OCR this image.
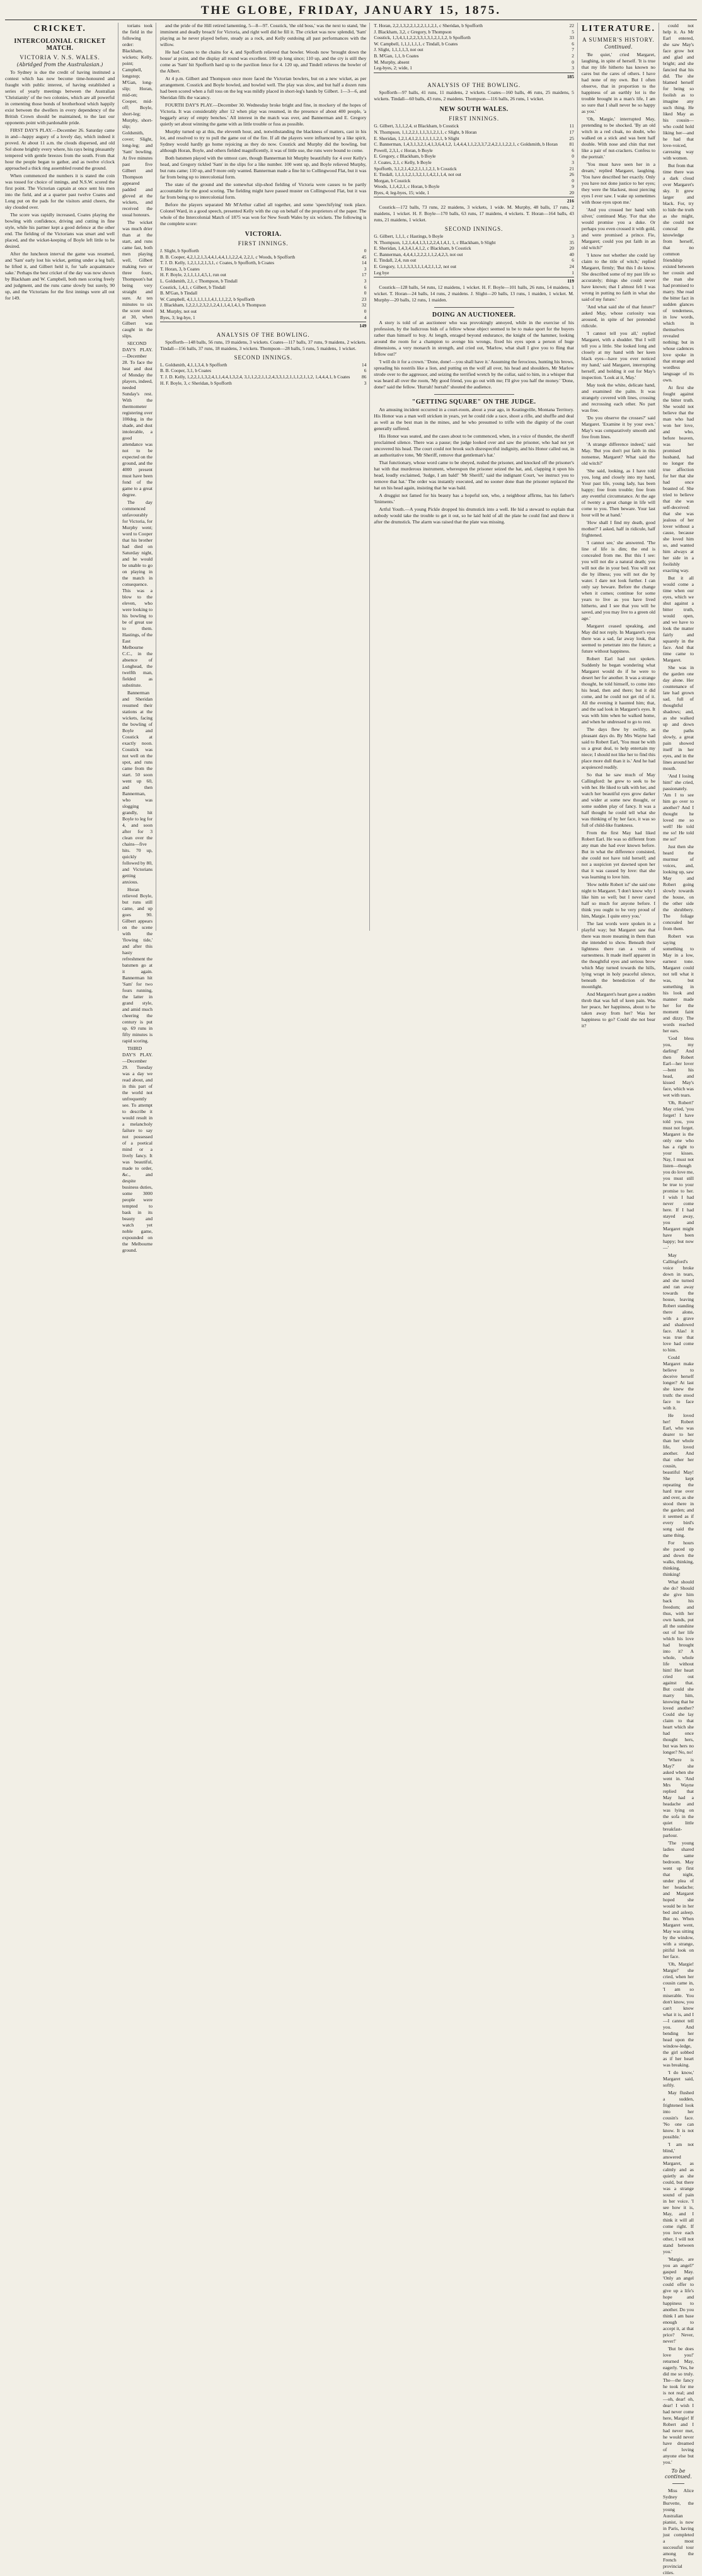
THE GLOBE, FRIDAY, JANUARY 15, 1875.
CRICKET.
INTERCOLONIAL CRICKET MATCH.
VICTORIA V. N.S. WALES.
(Abridged from the Australasian.)

To Sydney is due the credit of having instituted a contest which has now become time-honoured and fraught with public interest, of having established a series of yearly meetings between the Australian 'Christianity' of the two colonies, which are all powerful in cementing those bonds of brotherhood which happily exist between the dwellers in every dependency of the British Crown should be maintained, to the last our opponents point with pardonable pride.

FIRST DAY'S PLAY.—December 26. Saturday came in and—happy augury of a lovely day, which indeed it proved. At about 11 a.m. the clouds dispersed, and old Sol shone brightly every where, his rays being pleasantly tempered with gentle breezes from the south. From that hour the people began to gather, and as twelve o'clock approached a thick ring assembled round the ground.

When commenced the numbers it is stated the coin was tossed for choice of innings, and N.S.W. scored the first point. The Victorian captain at once sent his men into the field, and at a quarter past twelve Coates and Long put on the pads for the visitors amid cheers, the sky clouded over.

The score was rapidly increased, Coates playing the bowling with confidence, driving and cutting in fine style, while his partner kept a good defence at the other end. The fielding of the Victorians was smart and well placed, and the wicket-keeping of Boyle left little to be desired.

After the luncheon interval the game was resumed, and 'Sam' early lost his wicket, getting under a leg ball, he lifted it, and Gilbert held it, for 'safe acquaintance sake.' Perhaps the best cricket of the day was now shown by Blackham and W. Campbell, both men scoring freely and judgment, and the runs came slowly but surely, 90 up, and the Victorians for the first innings were all out for 149.

torians took the field in the following order: Blackham, wickets; Kelly, point; Campbell, longstop; M'Gan, long-slip; Horan, mid-on; Cooper, mid-off; Boyle, short-leg; Murphy, short-slip; Goldsmith, cover; Slight, long-leg; and 'Sam' bowling. At five minutes past five Gilbert and Thompson appeared padded and gloved at the wickets, and received the usual honours.

The wicket was much drier than at the start, and runs came fast, both men playing well, Gilbert making two or three fours, Thompson's bat being very straight and sure. At ten minutes to six the score stood at 30, when Gilbert was caught in the slips.

SECOND DAY'S PLAY.—December 28. To face the heat and dust of Monday the players, indeed, needed Sunday's rest. With the thermometer registering over 100deg. in the shade, and dust intolerable, a good attendance was not to be expected on the ground, and the 4000 present must have been fond of the game to a great degree.

The day commenced unfavourably for Victoria, for Murphy went; word to Cooper that his brother had died on Saturday night, and he would be unable to go on playing in the match in consequence. This was a blow to the eleven, who were looking to his bowling to be of great use to them. Hastings, of the East Melbourne C.C., in the absence of Longhead, the twelfth man, fielded as substitute.

Bannerman and Sheridan resumed their stations at the wickets, facing the bowling of Boyle and Cosstick at exactly noon. Cosstick was not well on the spot, and runs came from the start. 50 soon went up 60, and then Bannerman, who was slogging grandly, hit Boyle to leg for 4, and soon after for 3 clean over the chains—five hits. 70 up, quickly followed by 80, and Victorians getting anxious.

Horan relieved Boyle, but runs still came, and up goes 90. Gilbert appears on the scene with the 'flowing tide,' and after this hasty refreshment the batsmen go at it again. Bannerman hit 'Sam' for two fours running, the latter in grand style, and amid much cheering the century is put up. 69 runs in fifty minutes is rapid scoring.

THIRD DAY'S PLAY.—December 29. Tuesday was a day we read about, and in this part of the world not unfrequently see. To attempt to describe it would result in a melancholy failure to say not possessed of a poetical mind or a lively fancy. It was beautiful, made to order, &c., and despite business duties, some 3000 people were tempted to bask in its beauty and watch yet noble game, expounded on the Melbourne ground.

and the pride of the Hill retired lamenting, 5—8—97. Cosstick, 'the old boss,' was the next to stand, 'the imminent and deadly breach' for Victoria, and right well did he fill it. The cricket was now splendid, 'Sam' playing as he never played before, steady as a rock, and Kelly outdoing all past performances with the willow.

He had Coates to the chains for 4, and Spofforth relieved that bowler. Woods now 'brought down the house' at point, and the display all round was excellent. 100 up long since; 110 up, and the cry is still they come as 'Sam' hit Spofforth hard up to the pavilion fence for 4. 120 up, and Tindell relieves the bowler of the Albert.

At 4 p.m. Gilbert and Thompson once more faced the Victorian bowlers, but on a new wicket, as per arrangement. Cosstick and Boyle bowled, and bowled well. The play was slow, and but half a dozen runs had been scored when a full toss on the leg was mildly placed in short-leg's hands by Gilbert. 1—3—6, and Sheridan fills the vacancy.

FOURTH DAY'S PLAY.—December 30. Wednesday broke bright and fine, in mockery of the hopes of Victoria. It was considerably after 12 when play was resumed, in the presence of about 400 people, 'a beggarly array of empty benches.' All interest in the match was over, and Bannerman and E. Gregory quietly set about winning the game with as little trouble or fuss as possible.

Murphy turned up at this, the eleventh hour, and, notwithstanding the blackness of matters, cast in his lot, and resolved to try to pull the game out of the fire. If all the players were influenced by a like spirit, Sydney would hardly go home rejoicing as they do now. Cosstick and Murphy did the bowling, but although Horan, Boyle, and others fielded magnificently, it was of little use, the runs were bound to come.

Both batsmen played with the utmost care, though Bannerman hit Murphy beautifully for 4 over Kelly's head, and Gregory tickled 'Sam' in the slips for a like number. 100 went up, and Boyle relieved Murphy, but runs came; 110 up, and 9 more only wanted. Bannerman made a fine hit to Collingwood Flat, but it was far from being up to intercolonial form.

The state of the ground and the somewhat slip-shod fielding of Victoria were causes to be partly accountable for the good scoring. The fielding might have passed muster on Collingwood Flat, but it was far from being up to intercolonial form.

Before the players separated Mr M'Arthur called all together, and some 'speechifying' took place. Colonel Ward, in a good speech, presented Kelly with the cup on behalf of the proprietors of the paper. The whole of the Intercolonial Match of 1875 was won for New South Wales by six wickets. The following is the complete score:

VICTORIA.
FIRST INNINGS.
J. Slight, b Spofforth	0
B. B. Cooper, 4,2,1,2,1,3,4,4,1,4,4,1,1,2,2,4, 2,2,1, c Woods, b Spofforth	45
T. J. D. Kelly, 1,2,1,1,2,1,3,1, c Coates, b Spofforth, b Coates	14
T. Horan, 3, b Coates	3
H. F. Boyle, 2,1,1,1,1,4,5,1, run out	17
L. Goldsmith, 2,1, c Thompson, b Tindall	3
Cosstick, 1,4,1, c Gilbert, b Tindall	6
B. M'Gan, b Tindall	0
W. Campbell, 4,1,1,1,1,1,1,4,1,1,1,2,2, b Spofforth	23
J. Blackham, 1,2,2,1,2,3,2,1,2,4,1,1,4,1,4,1, b Thompson	32
M. Murphy, not out	0
Byes, 3; leg-bye, 1	4
149
ANALYSIS OF THE BOWLING.

Spofforth—148 balls, 56 runs, 19 maidens, 3 wickets. Coates—117 balls, 37 runs, 9 maidens, 2 wickets. Tindall—156 balls, 37 runs, 18 maidens, 3 wickets. Thompson—28 balls, 5 runs, 5 maidens, 1 wicket.

SECOND INNINGS.
L. Goldsmith, 4,1,1,3,4, b Spofforth	14
B. B. Cooper, 3,1, b Coates	6
T. J. D. Kelly, 1,2,2,1,1,3,2,4,1,1,4,4,1,3,2,4, 3,1,1,2,2,1,1,2,4,3,3,1,2,1,1,1,2,1,1,2, 1,4,4,4,1, b Coates	86
H. F. Boyle, 3, c Sheridan, b Spofforth	3
T. Horan, 2,2,1,3,2,2,1,2,2,1,1,2,1, c Sheridan, b Spofforth	22
J. Blackham, 3,2, c Gregory, b Thompson	5
Cosstick, 1,3,4,1,1,2,2,3,3,1,3,1,2,1,1,2, b Spofforth	33
W. Campbell, 1,1,1,1,1,1, c Tindall, b Coates	6
J. Slight, 1,1,1,1,3, not out	7
B. M'Gan, 1,1, b Coates	2
M. Murphy, absent	0
Leg-byes, 2; wide, 1	3
185
ANALYSIS OF THE BOWLING.

Spofforth—97 balls, 41 runs, 11 maidens, 2 wickets. Coates—160 balls, 46 runs, 25 maidens, 5 wickets. Tindall—60 balls, 43 runs, 2 maidens. Thompson—116 balls, 26 runs, 1 wicket.

NEW SOUTH WALES.
FIRST INNINGS.
G. Gilbert, 3,1,1,2,4, st Blackham, b Cosstick	11
N. Thompson, 1,1,2,2,1,1,1,3,1,2,1,1, c Slight, b Horan	17
E. Sheridan, 1,2,1,4,1,2,1,1,1,1,1,2,1, b Slight	25
C. Bannerman, 1,4,3,1,3,2,1,4,1,3,6,4,1,2, 1,4,4,4,1,1,2,3,3,7,2,4,2,1,1,2,2,1, c Goldsmith, b Horan	81
Powell, 2,3,1, c Horan, b Boyle	6
E. Gregory, c Blackham, b Boyle	0
J. Coates, 2,1, c Kelly, b Boyle	3
Spofforth, 3,1,2,1,4,2,2,1,1,1,2,1, b Cosstick	21
E. Tindall, 1,1,1,1,2,1,3,2,1,1,4,2,1,1,4, not out	26
Morgan, b Cosstick	0
Woods, 1,1,4,2,1, c Horan, b Boyle	9
Byes, 4; leg-byes, 15; wide, 1	20
216

Cosstick—172 balls, 73 runs, 22 maidens, 3 wickets, 1 wide. M. Murphy, 48 balls, 17 runs, 2 maidens, 1 wicket. H. F. Boyle—170 balls, 63 runs, 17 maidens, 4 wickets. T. Horan—164 balls, 43 runs, 21 maidens, 1 wicket.

SECOND INNINGS.
G. Gilbert, 1,1,1, c Hastings, b Boyle	3
N. Thompson, 1,2,1,4,4,1,3,1,2,2,4,1,4,1, 1, c Blackham, b Slight	35
E. Sheridan, 1,4,3,4,1,4,1,2, c Blackham, b Cosstick	20
C. Bannerman, 4,4,4,1,2,2,2,1,1,2,4,2,3, not out	40
E. Tindall, 2,4, run out	6
E. Gregory, 1,1,1,3,3,3,1,1,4,2,1,1,2, not out	24
Leg bye	1
119

Cosstick—128 balls, 54 runs, 12 maidens, 1 wicket. H. F. Boyle—101 balls, 26 runs, 14 maidens, 1 wicket. T. Horan—24 balls, 14 runs, 2 maidens. J. Slight—20 balls, 13 runs, 1 maiden, 1 wicket. M. Murphy—20 balls, 12 runs, 1 maiden.

DOING AN AUCTIONEER.

A story is told of an auctioneer who was provokingly annoyed, while in the exercise of his profession, by the ludicrous bids of a fellow whose object seemed to be to make sport for the buyers rather than himself to buy. At length, enraged beyond endurance, the knight of the hammer, looking around the room for a champion to avenge his wrongs, fixed his eyes upon a person of huge dimensions, a very monarch in strength, and cried out, 'Marlow, what shall I give you to fling that fellow out?'

'I will do it for a crown.' 'Done, done!—you shall have it.' Assuming the ferocious, hunting his brows, spreading his nostrils like a lion, and putting on the wolf all over, his head and shoulders, Mr Marlow strode over to the aggressor, and seizing the terrified wretch by the collar, said to him, in a whisper that was heard all over the room, 'My good friend, you go out with me; I'll give you half the money.' 'Done, done!' said the fellow. 'Hurrah! hurrah!' shouted the audience.

"GETTING SQUARE" ON THE JUDGE.

An amusing incident occurred in a court-room, about a year ago, in Keatingville, Montana Territory. His Honor was a man well stricken in years, yet he could ride a race, shoot a rifle, and shuffle and deal as well as the best man in the mines, and he who presumed to trifle with the dignity of the court generally suffered.

His Honor was seated, and the cases about to be commenced, when, in a voice of thunder, the sheriff proclaimed silence. There was a pause; the judge looked over and saw the prisoner, who had not yet uncovered his head. The court could not brook such disrespectful indignity, and his Honor called out, in an authoritative tone, 'Mr Sheriff, remove that gentleman's hat.'

That functionary, whose word came to be obeyed, rushed the prisoner, and knocked off the prisoner's hat with that murderous instrument, whereupon the prisoner seized the hat, and, clapping it upon his head, loudly exclaimed, 'Judge, I am bald!' 'Mr Sheriff,' said the indignant Court, 'we instruct you to remove that hat.' The order was instantly executed, and no sooner done than the prisoner replaced the hat on his head again, insisting that he was bald.

A druggist not famed for his beauty has a hopeful son, who, a neighbour affirms, has his father's 'liniments.'

Artful Youth.—A young Pickle dropped his drumstick into a well. He hid a steward to explain that nobody would take the trouble to get it out, so he laid hold of all the plate he could find and threw it after the drumstick. The alarm was raised that the plate was missing.

LITERATURE.
A SUMMER'S HISTORY.
Continued.

'Be quiet,' cried Margaret, laughing, in spite of herself. 'It is true that my life hitherto has known no cares but the cares of others. I have had none of my own. But I often observe, that in proportion to the happiness of an earthly lot is the trouble brought in a man's life, I am so sure that I shall never be so happy as you.'

'Oh, Margie,' interrupted May, pretending to be shocked. 'By an old witch in a red cloak, no doubt, who walked on a stick and was bent half double. With nose and chin that met like a pair of nut-crackers. Confess to the portrait.'

'You must have seen her in a dream,' replied Margaret, laughing. 'You have described her exactly. Only you have not done justice to her eyes; they were the blackest, most piercing eyes I ever saw. I wake up sometimes with those eyes upon me.'

'And you crossed her hand with silver,' continued May. 'For that she would promise you a duke. Or perhaps you even crossed it with gold, and were promised a prince. Fie, Margaret; could you put faith in an old witch?'

'I know not whether she could lay claim to the title of witch,' replied Margaret, firmly; 'But this I do know. She described some of my past life so accurately; things she could never have known; that I almost felt I was wrong in putting no faith in what she said of my future.'

'And what said she of that future?' asked May, whose curiosity was aroused, in spite of her pretended ridicule.

'I cannot tell you all,' replied Margaret, with a shudder. 'But I will tell you a little. She looked long and closely at my hand with her keen black eyes—have you ever noticed my hand,' said Margaret, interrupting herself, and holding it out for May's inspection. 'Look at it, May.'

May took the white, delicate hand, and examined the palm. It was strangely covered with lines, crossing and recrossing each other. No part was free.

'Do you observe the crosses?' said Margaret. 'Examine it by your own.' May's was comparatively smooth and free from lines.

'A strange difference indeed,' said May. 'But you don't put faith in this nonsense, Margaret? What said the old witch?'

'She said, looking, as I have told you, long and closely into my hand, Your past life, young lady, has been happy; free from trouble; free from any eventful circumstance. At the age of twenty a great change in life will come to you. Then beware. Your last hour will be at hand.'

'How shall I find my death, good mother?' I asked, half in ridicule, half frightened.

'I cannot see,' she answered. 'The line of life is dim; the end is concealed from me. But this I see: you will not die a natural death; you will not die in your bed. You will not die by illness; you will not die by water. I dare not look further. I can only say beware. Before the change when it comes; continue for some years to live as you have lived hitherto, and I see that you will be saved, and you may live to a green old age.'

Margaret ceased speaking, and May did not reply. In Margaret's eyes there was a sad, far away look, that seemed to penetrate into the future; a future without happiness.

Robert Earl had not spoken. Suddenly he began wondering what Margaret would do if he were to desert her for another. It was a strange thought, he told himself, to come into his head, then and there; but it did come, and he could not get rid of it. All the evening it haunted him; that, and the sad look in Margaret's eyes. It was with him when he walked home, and when he undressed to go to rest.

The days flew by swiftly, as pleasant days do. By Mrs Wayne had said to Robert Earl, 'You must be with us a great deal, to help entertain my niece; I should not like her to find this place more dull than it is.' And he had acquiesced readily.

So that he saw much of May Callingford: he grew to seek to be with her. He liked to talk with her, and watch her beautiful eyes grow darker and wider at some new thought, or some sudden play of fancy. It was a half thought he could tell what she was thinking of by her face, it was so full of child-like frankness.

From the first May had liked Robert Earl. He was so different from any man she had ever known before. But in what the difference consisted, she could not have told herself; and not a suspicion yet dawned upon her that it was caused by love: that she was learning to love him.

'How noble Robert is!' she said one night to Margaret. 'I don't know why I like him so well; but I never cared half so much for anyone before. I think you ought to be very proud of him, Margie. I quite envy you.'

The last words were spoken in a playful way; but Margaret saw that there was more meaning in them than she intended to show. Beneath their lightness there ran a vein of earnestness. It made itself apparent in the thoughtful eyes and serious brow which May turned towards the hills, lying wrapt in holy peaceful silence, beneath the benediction of the moonlight.

And Margaret's heart gave a sudden throb that was full of keen pain. Was her peace, her happiness, about to be taken away from her? Was her happiness to go? Could she not bear it?

could not help it. As Mr Earl entered, she saw May's face grow hot and glad and bright; and she fancied that his did. The she blamed herself for being so foolish as to imagine any such thing. He liked May as his cousin—who could hold liking her—and he had that love-voiced, caressing way with women.

But from that time there was a dark cloud over Margaret's sky. It grew larger and black. For, try to hide the truth as she might, she could not conceal the knowledge from herself, that no common friendship existed between her cousin and the man she had promised to marry. She read the bitter fact in sudden glances of tenderness, in low words, which in themselves revealed nothing; but in whose cadences love spoke in that strange and wordless language of its own.

At first she fought against the bitter truth. She would not believe that the man who had won her love, and who, before heaven, was her promised husband, had no longer the true affection for her that she had once boasted of. She tried to believe that she was self-deceived: that she was jealous of her lover without a cause, because she loved him so, and wanted him always at her side in a foolishly exacting way.

But it all would come a time when our eyes, which we shut against a bitter truth, would open, and we have to look the matter fairly and squarely in the face. And that time came to Margaret.

She was in the garden one day alone. Her countenance of late had grown sad, full of thoughtful shadows; and, as she walked up and down the paths slowly, a great pain showed itself in her eyes, and in the lines around her mouth.

'And I losing him!' she cried, passionately. 'Am I to see him go over to another? And I thought he loved me so well! He told me so! He told me so!'

Just then she heard the murmur of voices, and, looking up, saw May and Robert going slowly towards the house, on the other side the shrubbery. The foliage concealed her from them.

Robert was saying something to May in a low, earnest tone. Margaret could not tell what it was, but something in his look and manner made her for the moment faint and dizzy. The words reached her ears.

'God bless you, my darling!' And then Robert Earl—her lover—bent his head, and kissed May's face, which was wet with tears.

'Oh, Robert!' May cried, 'you forget! I have told you, you must not forget. Margaret is the only one who has a right to your kisses. Nay, I must not listen—though you do love me, you must still be true to your promise to her. I wish I had never come here. If I had stayed away, you and Margaret might have been happy; but now—'

May Callingford's voice broke down in tears, and she turned and ran away towards the house, leaving Robert standing there alone, with a grave and shadowed face. Alas! it was true that love had come to him.

Could Margaret make believe to deceive herself longer? At last she knew the truth: the stood face to face with it.

He loved her! Robert Earl, who was dearer to her than her whole life, loved another. And that other her cousin, beautiful May! She kept repeating the hard true over and over, as she stood there in the garden; and it seemed as if every bird's song said the same thing.

For hours she paced up and down the walks, thinking, thinking, thinking!

What should she do? Should she give him back his freedom; and thus, with her own hands, put all the sunshine out of her life which his love had brought into it? A whole, whole life without him! Her heart cried out against that. But could she marry him, knowing that he loved another? Could she lay claim to that heart which she had once thought hers, but was hers no longer? No, no!

'Where is May?' she asked when she went in. 'And Mrs Wayne replied that May had a headache and was lying on the sofa in the quiet little breakfast-parlour.

'The young ladies shared the same bedroom. May went up first that night, under plea of her headache; and Margaret hoped she would be in her bed and asleep. But no. When Margaret went, May was sitting by the window, with a strange, pitiful look on her face.

'Oh, Margie! Margie!' she cried, when her cousin came in, 'I am so miserable. You don't know, you can't know what it is, and I—I cannot tell you. And bending her head upon the window-ledge, the girl sobbed as if her heart was breaking.

'I do know,' Margaret said, softly.

May flushed a sudden, frightened look into her cousin's face. 'No one can know. It is not possible.'

'I am not blind,' answered Margaret, as calmly and as quietly as she could, but there was a strange sound of pain in her voice. 'I see how it is, May, and I think it will all come right. If you love each other, I will not stand between you.'

'Margie, are you an angel?' gasped May. 'Only an angel could offer to give up a life's hope and happiness to another. Do you think I am base enough to accept it, at that price? Never, never!'

'But be does love you!' returned May, eagerly. 'Yes, he did me so truly. The—the fancy he took for me is not real; and—oh, dear! oh, dear! I wish I had never come here, Margie! If Robert and I had never met, he would never have dreamed of loving anyone else but you.'

To be continued.

Miss Alice Sydney Burvette, the young Australian pianist, is now in Paris, having just completed a most successful tour among the French provincial cities.
